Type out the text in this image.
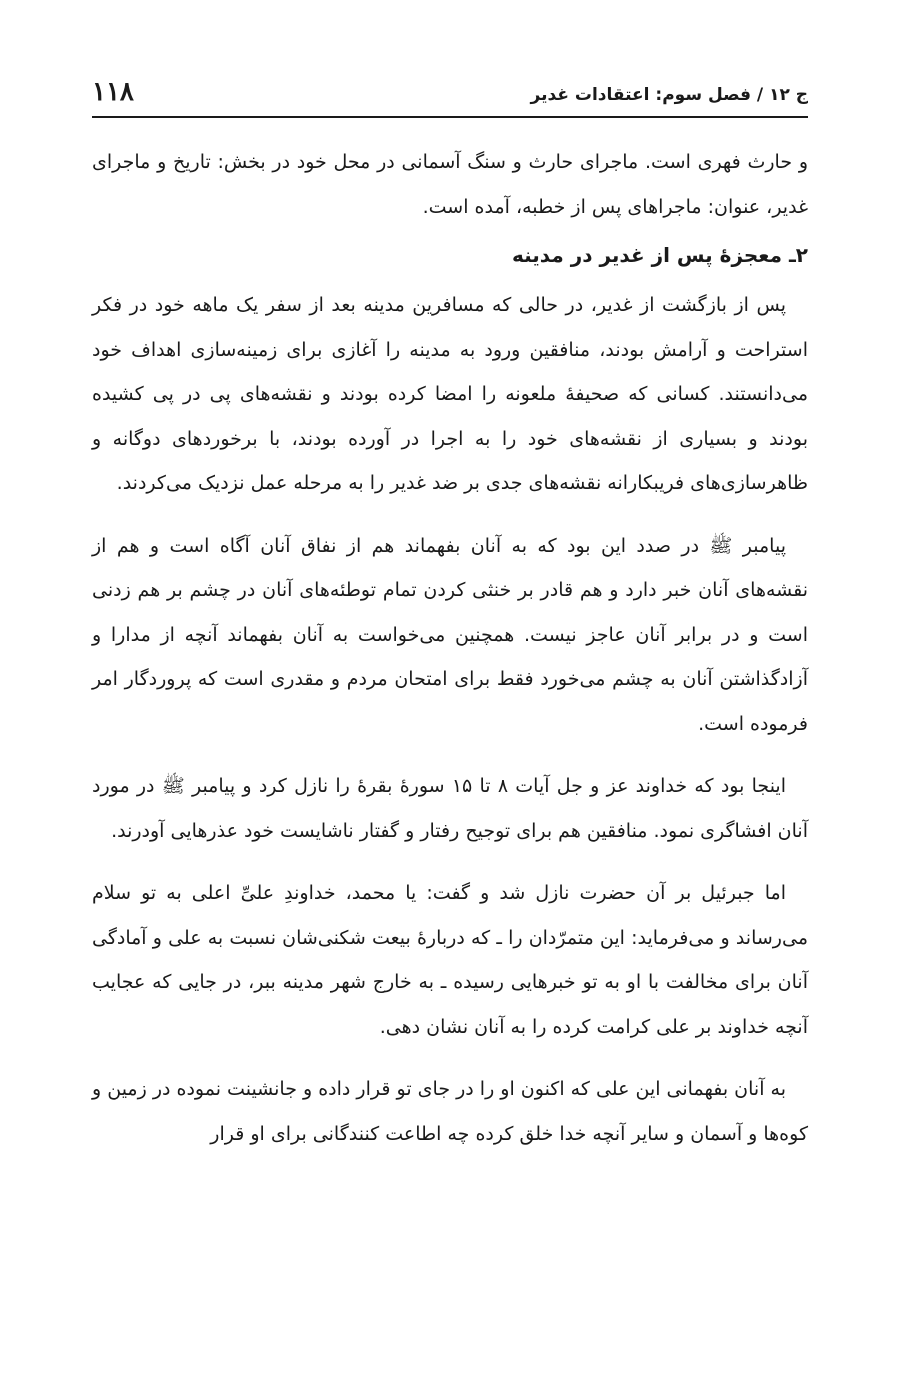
ج ۱۲ / فصل سوم: اعتقادات غدیر
۱۱۸

و حارث فهری است. ماجرای حارث و سنگ آسمانی در محل خود در بخش: تاریخ و ماجرای غدیر، عنوان: ماجراهای پس از خطبه، آمده است.

۲ـ معجزهٔ پس از غدیر در مدینه

پس از بازگشت از غدیر، در حالی که مسافرین مدینه بعد از سفر یک ماهه خود در فکر استراحت و آرامش بودند، منافقین ورود به مدینه را آغازی برای زمینه‌سازی اهداف خود می‌دانستند. کسانی که صحیفهٔ ملعونه را امضا کرده بودند و نقشه‌های پی در پی کشیده بودند و بسیاری از نقشه‌های خود را به اجرا در آورده بودند، با برخوردهای دوگانه و ظاهرسازی‌های فریبکارانه نقشه‌های جدی بر ضد غدیر را به مرحله عمل نزدیک می‌کردند.

پیامبر ﷺ در صدد این بود که به آنان بفهماند هم از نفاق آنان آگاه است و هم از نقشه‌های آنان خبر دارد و هم قادر بر خنثی کردن تمام توطئه‌های آنان در چشم بر هم زدنی است و در برابر آنان عاجز نیست. همچنین می‌خواست به آنان بفهماند آنچه از مدارا و آزادگذاشتن آنان به چشم می‌خورد فقط برای امتحان مردم و مقدری است که پروردگار امر فرموده است.

اینجا بود که خداوند عز و جل آیات ۸ تا ۱۵ سورهٔ بقرهٔ را نازل کرد و پیامبر ﷺ در مورد آنان افشاگری نمود. منافقین هم برای توجیح رفتار و گفتار ناشایست خود عذرهایی آودرند.

اما جبرئیل بر آن حضرت نازل شد و گفت: یا محمد، خداوندِ علیِّ اعلی به تو سلام می‌رساند و می‌فرماید: این متمرّدان را ـ که دربارهٔ بیعت شکنی‌شان نسبت به علی و آمادگی آنان برای مخالفت با او به تو خبرهایی رسیده ـ به خارج شهر مدینه ببر، در جایی که عجایب آنچه خداوند بر علی کرامت کرده را به آنان نشان دهی.

به آنان بفهمانی این علی که اکنون او را در جای تو قرار داده و جانشینت نموده در زمین و کوه‌ها و آسمان و سایر آنچه خدا خلق کرده چه اطاعت کنندگانی برای او قرار
